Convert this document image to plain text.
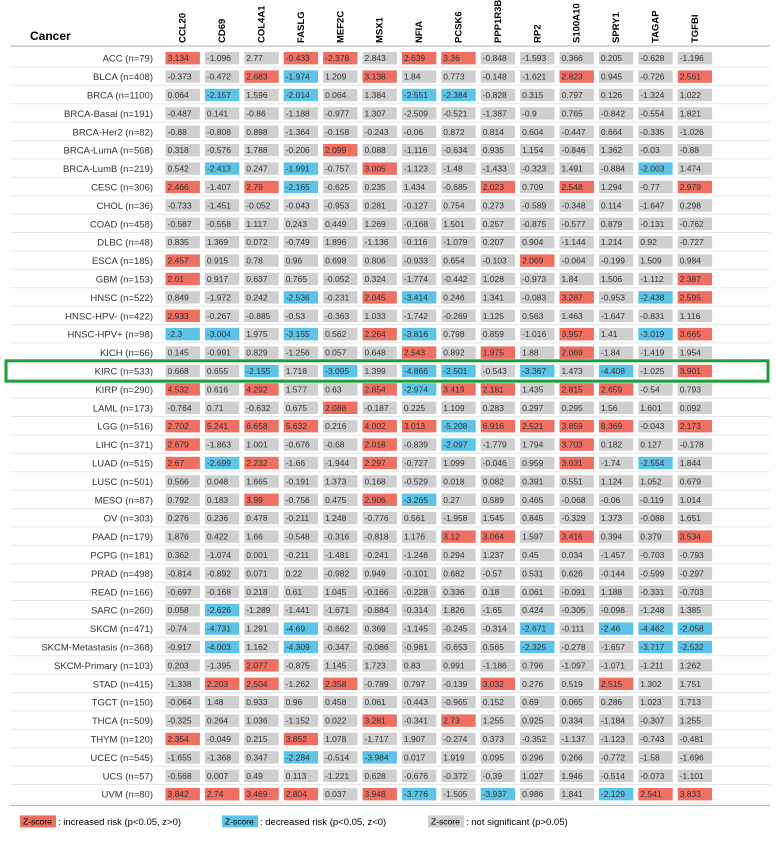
Cancer	CCL20	CD69	COL4A1	FASLG	MEF2C	MSX1	NFIA	PCSK6	PPP1R3B	RP2	S100A10	SPRY1	TAGAP	TGFBI
ACC (n=79) 3.134 -1.096 2.77	-0.433 -2.378 2.843 2.639 3.36	-0.848 -1.593 0.366 0.205 -0.628 -1.196
BLCA (n=408) -0.373 -0.472 2.683 -1.974 1.209 3.138 1.84	0.773 -0.148 -1.621 2.823 0.945 -0.726 2.561
BRCA (n=1100) 0.064 -2.157 1.596 -2.014 0.064 1.384 -2.551 -2.384 -0.828 0.315 0.797 0.126 -1.324 1.022
BRCA-Basal (n=191) -0.487 0.141 -0.86 -1.188 -0.977 1.307 -2.509 -0.521 -1.387 -0.9	0.765 -0.842 -0.554 1.821
BRCA-Her2 (n=82) -0.88 -0.808 0.898 -1.364 -0.158 -0.243 -0.06 0.872 0.814 0.604 -0.447 0.664 -0.335 -1.026
BRCA-LumA (n=568) 0.318 -0.576 1.788 -0.206 2.099 0.088 -1.116 -0.634 0.935 1.154 -0.846 1.362 -0.03 -0.88
BRCA-LumB (n=219) 0.542 -2.413 0.247 -1.991 -0.757 3.005 -1.123 -1.48 -1.433 -0.323 1.491 -0.884 -2.003 1.474
CESC (n=306) 2.466 -1.407 2.79	-2.165 -0.625 0.235 1.434 -0.685 2.023 0.709 2.548 1.294 -0.77 2.979
CHOL (n=36) -0.733 -1.451 -0.052 -0.043 -0.953 0.281 -0.127 0.754 0.273 -0.589 -0.348 0.114 -1.647 0.298
COAD (n=458) -0.587 -0.558 1.117 0.243 0.449 1.269 -0.168 1.501 0.257 -0.875 -0.577 0.879 -0.131 -0.762
DLBC (n=48) 0.835 1.369 0.072 -0.749 1.896 -1.136 -0.116 -1.079 0.207 0.904 -1.144 1.214 0.92	-0.727
ESCA (n=185) 2.457 0.915 0.78	0.96	0.698 0.806 -0.933 0.654 -0.103 2.069 -0.064 -0.199 1.509 0.984
GBM (n=153) 2.01	0.917 0.637 0.765 -0.052 0.324 -1.774 -0.442 1.028 -0.973 1.84	1.506 -1.112 2.387
HNSC (n=522) 0.849 -1.972 0.242 -2.536 -0.231 2.045 -3.414 0.246 1.341 -0.083 3.287 -0.953 -2.438 2.595
HNSC-HPV- (n=422) 2.933 -0.267 -0.885 -0.53 -0.363 1.033 -1.742 -0.269 1.125 0.563 1.463 -1.647 -0.831 1.116
HNSC-HPV+ (n=98) -2.3	-3.004 1.975 -3.155 0.562 2.264 -3.816 0.798 0.859 -1.016 3.957 1.41	-3.019 3.665
KICH (n=66) 0.145 -0.991 0.829 -1.256 0.057 0.648 2.543 0.892 1.975 1.88	2.069 -1.84 -1.419 1.954
KIRC (n=533) 0.668 0.655 -2.155 1.718 -3.095 1.399 -4.866 -2.501 -0.543 -3.367 1.473 -4.408 -1.025 3.901
KIRP (n=290) 4.532 0.616 4.292 1.577 0.63	2.854 -2.974 3.419 2.181 1.435 2.815 2.659 -0.54 0.793
LAML (n=173) -0.764 0.71	-0.632 0.675 2.088 -0.187 0.225 1.109 0.283 0.297 0.295 1.56	1.601 0.092
LGG (n=516) 2.702 5.241 6.658 5.632 0.216 4.002 3.013 -5.208 6.916 2.521 3.859 8.369 -0.043 2.173
LIHC (n=371) 2.679 -1.863 1.001 -0.676 -0.68 2.018 -0.839 -2.097 -1.779 1.794 3.703 0.182 0.127 -0.178
LUAD (n=515) 2.67	-2.699 2.232 -1.66 -1.944 2.297 -0.727 1.099 -0.046 0.959 3.031 -1.74 -2.554 1.844
LUSC (n=501) 0.566 0.048 1.665 -0.191 1.373 0.168 -0.529 0.018 0.082 0.391 0.551 1.124 1.052 0.679
MESO (n=87) 0.792 0.183 3.99	-0.756 0.475 2.906 -3.265 0.27	0.589 0.465 -0.068 -0.06 -0.119 1.014
OV (n=303) 0.276 0.236 0.478 -0.211 1.248 -0.776 0.561 -1.958 1.545 0.845 -0.329 1.373 -0.088 1.651
PAAD (n=179) 1.876 0.422 1.66	-0.548 -0.316 -0.818 1.176 3.12	3.064 1.597 3.416 0.394 0.379 3.534
PCPG (n=181) 0.362 -1.074 0.001 -0.211 -1.481 -0.241 -1.248 0.294 1.237 0.45	0.034 -1.457 -0.703 -0.793
PRAD (n=498) -0.814 -0.892 0.071 0.22	-0.982 0.949 -0.101 0.682 -0.57 0.531 0.626 -0.144 -0.599 -0.297
READ (n=166) -0.697 -0.168 0.218 0.61	1.045 -0.166 -0.228 0.336 0.18	0.061 -0.091 1.188 -0.331 -0.703
SARC (n=260) 0.058 -2.626 -1.289 -1.441 -1.671 -0.884 -0.314 1.826 -1.65 0.424 -0.305 -0.098 -1.248 1.385
SKCM (n=471) -0.74 -4.731 1.291 -4.69 -0.662 0.369 -1.145 -0.245 -0.314 -2.671 -0.111 -2.46 -4.462 -2.058
SKCM-Metastasis (n=368) -0.917 -4.003 1.162 -4.309 -0.347 -0.086 -0.981 -0.653 0.565 -2.325 -0.278 -1.657 -3.717 -2.532
SKCM-Primary (n=103) 0.203 -1.395 2.077 -0.875 1.145 1.723 0.83	0.991 -1.186 0.796 -1.097 -1.071 -1.211 1.262
STAD (n=415) -1.338 2.203 2.504 -1.262 2.358 -0.789 0.797 -0.139 3.032 0.276 0.519 2.515 1.302 1.751
TGCT (n=150) -0.064 1.48	0.933 0.96	0.458 0.061 -0.443 -0.965 0.152 0.69	0.065 0.286 1.023 1.713
THCA (n=509) -0.325 0.264 1.036 -1.152 0.022 3.281 -0.341 2.73	1.255 0.925 0.334 -1.184 -0.307 1.255
THYM (n=120) 2.354 -0.049 0.215 3.852 1.078 -1.717 1.907 -0.274 0.373 -0.352 -1.137 -1.123 -0.743 -0.481
UCEC (n=545) -1.655 -1.368 0.347 -2.284 -0.514 -3.984 0.017 1.919 0.095 0.296 0.266 -0.772 -1.58 -1.696
UCS (n=57) -0.568 0.007 0.49	0.113 -1.221 0.628 -0.676 -0.372 -0.39 1.027 1.946 -0.514 -0.073 -1.101
UVM (n=80) 3.842 2.74	3.469 2.804 0.037 3.948 -3.776 -1.505 -3.937 0.986 1.841 -2.129 2.541 3.833
Z-score : increased risk (p<0.05, z>0)	Z-score : decreased risk (p<0.05, z<0)	Z-score : not significant (p>0.05)
